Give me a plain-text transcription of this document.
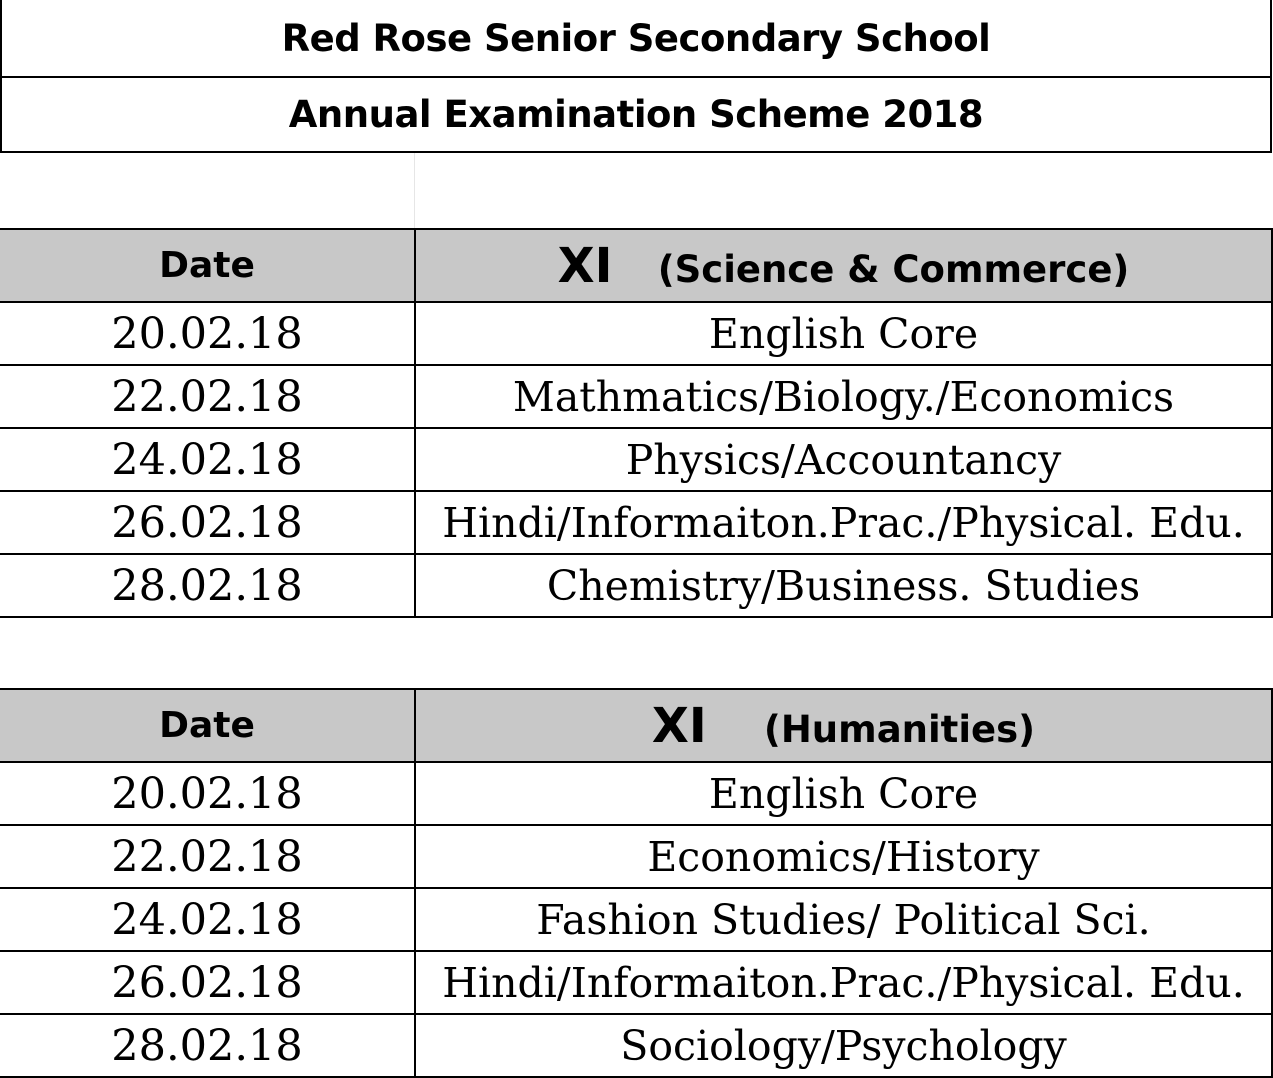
Red Rose Senior Secondary School
Annual Examination Scheme 2018
Date	XI (Science & Commerce)
20.02.18	English Core
22.02.18	Mathmatics/Biology./Economics
24.02.18	Physics/Accountancy
26.02.18	Hindi/Informaiton.Prac./Physical. Edu.
28.02.18	Chemistry/Business. Studies
Date	XI (Humanities)
20.02.18	English Core
22.02.18	Economics/History
24.02.18	Fashion Studies/ Political Sci.
26.02.18	Hindi/Informaiton.Prac./Physical. Edu.
28.02.18	Sociology/Psychology
